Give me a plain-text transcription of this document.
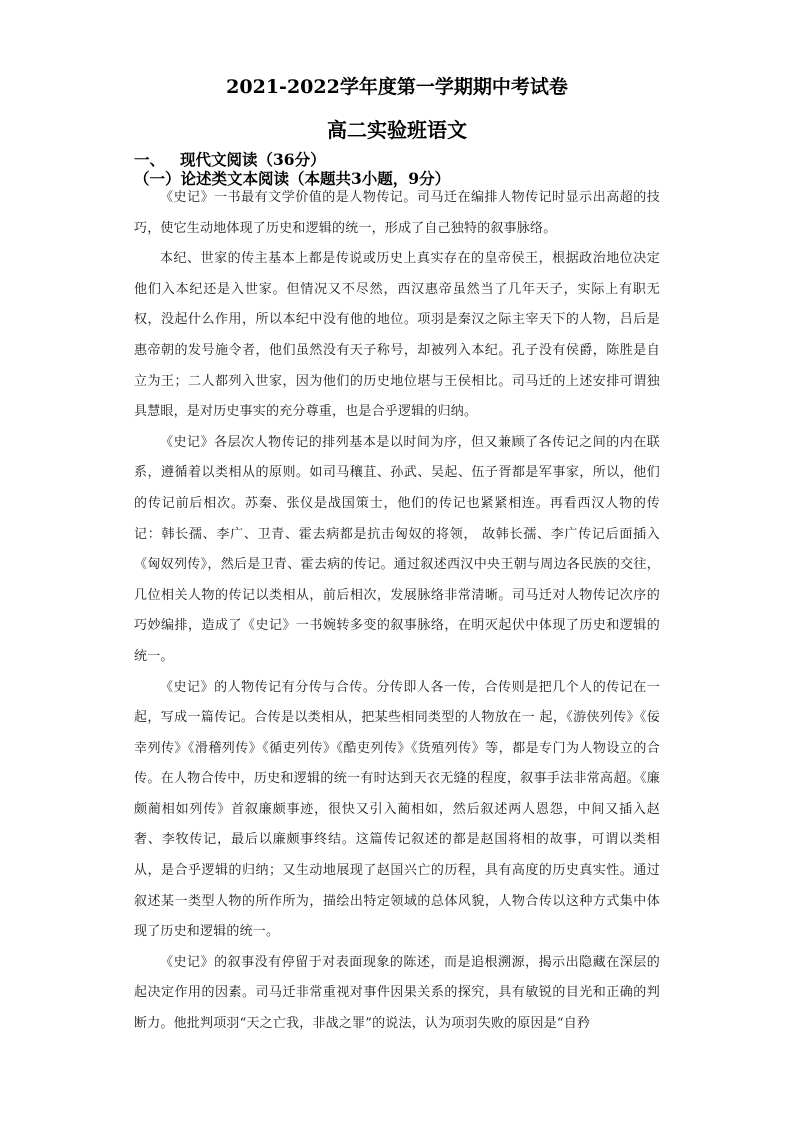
2021-2022学年度第一学期期中考试卷
高二实验班语文
一、 现代文阅读（36分）
（一）论述类文本阅读（本题共3小题，9分）

《史记》一书最有文学价值的是人物传记。司马迁在编排人物传记时显示出高超的技巧，使它生动地体现了历史和逻辑的统一，形成了自己独特的叙事脉络。

本纪、世家的传主基本上都是传说或历史上真实存在的皇帝侯王，根据政治地位决定他们入本纪还是入世家。但情况又不尽然，西汉惠帝虽然当了几年天子，实际上有职无权，没起什么作用，所以本纪中没有他的地位。项羽是秦汉之际主宰天下的人物，吕后是惠帝朝的发号施令者，他们虽然没有天子称号，却被列入本纪。孔子没有侯爵，陈胜是自立为王；二人都列入世家，因为他们的历史地位堪与王侯相比。司马迁的上述安排可谓独具慧眼，是对历史事实的充分尊重，也是合乎逻辑的归纳。

《史记》各层次人物传记的排列基本是以时间为序，但又兼顾了各传记之间的内在联系，遵循着以类相从的原则。如司马穰苴、孙武、吴起、伍子胥都是军事家，所以，他们的传记前后相次。苏秦、张仪是战国策士，他们的传记也紧紧相连。再看西汉人物的传记：韩长孺、李广、卫青、霍去病都是抗击匈奴的将领， 故韩长孺、李广传记后面插入《匈奴列传》，然后是卫青、霍去病的传记。通过叙述西汉中央王朝与周边各民族的交往，几位相关人物的传记以类相从，前后相次，发展脉络非常清晰。司马迁对人物传记次序的巧妙编排，造成了《史记》一书婉转多变的叙事脉络，在明灭起伏中体现了历史和逻辑的统一。

《史记》的人物传记有分传与合传。分传即人各一传，合传则是把几个人的传记在一起，写成一篇传记。合传是以类相从，把某些相同类型的人物放在一 起，《游侠列传》《佞幸列传》《滑稽列传》《循吏列传》《酷吏列传》《货殖列传》等，都是专门为人物设立的合传。在人物合传中，历史和逻辑的统一有时达到天衣无缝的程度，叙事手法非常高超。《廉颇蔺相如列传》首叙廉颇事迹，很快又引入蔺相如，然后叙述两人恩怨，中间又插入赵奢、李牧传记，最后以廉颇事终结。这篇传记叙述的都是赵国将相的故事，可谓以类相从，是合乎逻辑的归纳；又生动地展现了赵国兴亡的历程，具有高度的历史真实性。通过叙述某一类型人物的所作所为，描绘出特定领域的总体风貌，人物合传以这种方式集中体现了历史和逻辑的统一。

《史记》的叙事没有停留于对表面现象的陈述，而是追根溯源，揭示出隐藏在深层的起决定作用的因素。司马迁非常重视对事件因果关系的探究，具有敏锐的目光和正确的判断力。他批判项羽“天之亡我，非战之罪”的说法，认为项羽失败的原因是“自矜
